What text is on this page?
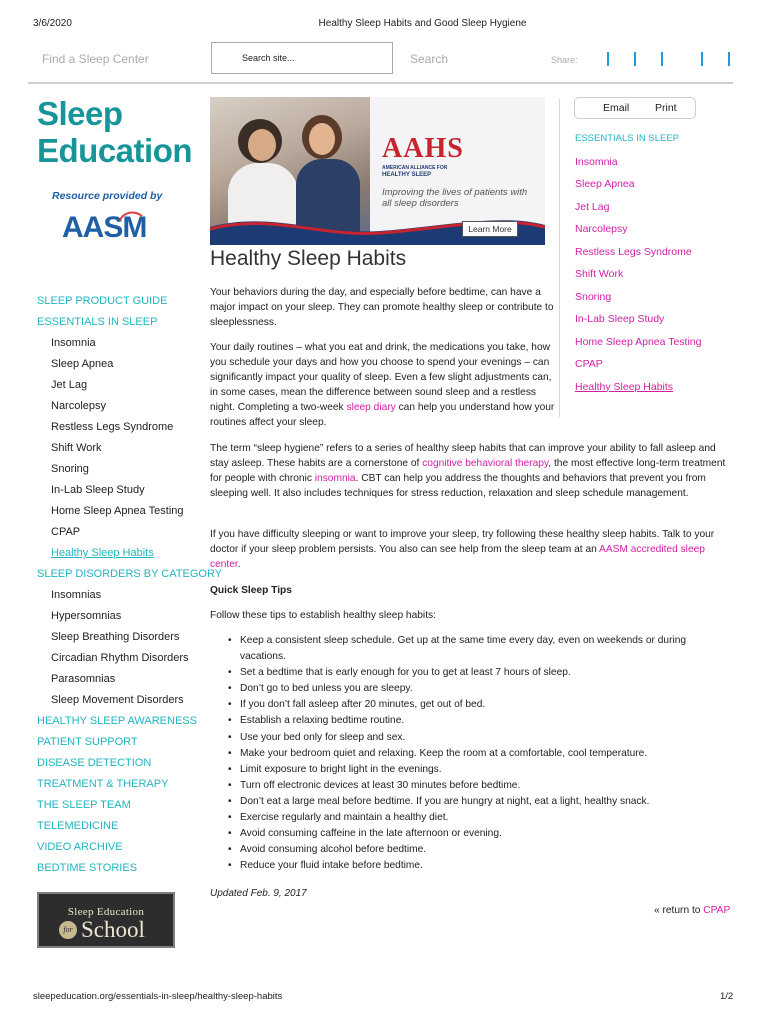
3/6/2020	Healthy Sleep Habits and Good Sleep Hygiene
Find a Sleep Center	Search site...	Search	Share:
Sleep
Education
Resource provided by
AASM
SLEEP PRODUCT GUIDE
ESSENTIALS IN SLEEP
Insomnia
Sleep Apnea
Jet Lag
Narcolepsy
Restless Legs Syndrome
Shift Work
Snoring
In-Lab Sleep Study
Home Sleep Apnea Testing
CPAP
Healthy Sleep Habits
SLEEP DISORDERS BY CATEGORY
Insomnias
Hypersomnias
Sleep Breathing Disorders
Circadian Rhythm Disorders
Parasomnias
Sleep Movement Disorders
HEALTHY SLEEP AWARENESS
PATIENT SUPPORT
DISEASE DETECTION
TREATMENT & THERAPY
THE SLEEP TEAM
TELEMEDICINE
VIDEO ARCHIVE
BEDTIME STORIES
Sleep Education
for School
AAHS
AMERICAN ALLIANCE FOR
HEALTHY SLEEP
Improving the lives of patients with all sleep disorders
Learn More
Healthy Sleep Habits
Your behaviors during the day, and especially before bedtime, can have a major impact on your sleep. They can promote healthy sleep or contribute to sleeplessness.
Your daily routines – what you eat and drink, the medications you take, how you schedule your days and how you choose to spend your evenings – can significantly impact your quality of sleep. Even a few slight adjustments can, in some cases, mean the difference between sound sleep and a restless night. Completing a two-week sleep diary can help you understand how your routines affect your sleep.
The term “sleep hygiene” refers to a series of healthy sleep habits that can improve your ability to fall asleep and stay asleep. These habits are a cornerstone of cognitive behavioral therapy, the most effective long-term treatment for people with chronic insomnia. CBT can help you address the thoughts and behaviors that prevent you from sleeping well. It also includes techniques for stress reduction, relaxation and sleep schedule management.
If you have difficulty sleeping or want to improve your sleep, try following these healthy sleep habits. Talk to your doctor if your sleep problem persists. You also can see help from the sleep team at an AASM accredited sleep center.
Quick Sleep Tips
Follow these tips to establish healthy sleep habits:
• Keep a consistent sleep schedule. Get up at the same time every day, even on weekends or during vacations.
• Set a bedtime that is early enough for you to get at least 7 hours of sleep.
• Don’t go to bed unless you are sleepy.
• If you don’t fall asleep after 20 minutes, get out of bed.
• Establish a relaxing bedtime routine.
• Use your bed only for sleep and sex.
• Make your bedroom quiet and relaxing. Keep the room at a comfortable, cool temperature.
• Limit exposure to bright light in the evenings.
• Turn off electronic devices at least 30 minutes before bedtime.
• Don’t eat a large meal before bedtime. If you are hungry at night, eat a light, healthy snack.
• Exercise regularly and maintain a healthy diet.
• Avoid consuming caffeine in the late afternoon or evening.
• Avoid consuming alcohol before bedtime.
• Reduce your fluid intake before bedtime.
Updated Feb. 9, 2017
« return to CPAP
Email Print
ESSENTIALS IN SLEEP
Insomnia
Sleep Apnea
Jet Lag
Narcolepsy
Restless Legs Syndrome
Shift Work
Snoring
In-Lab Sleep Study
Home Sleep Apnea Testing
CPAP
Healthy Sleep Habits
sleepeducation.org/essentials-in-sleep/healthy-sleep-habits	1/2
